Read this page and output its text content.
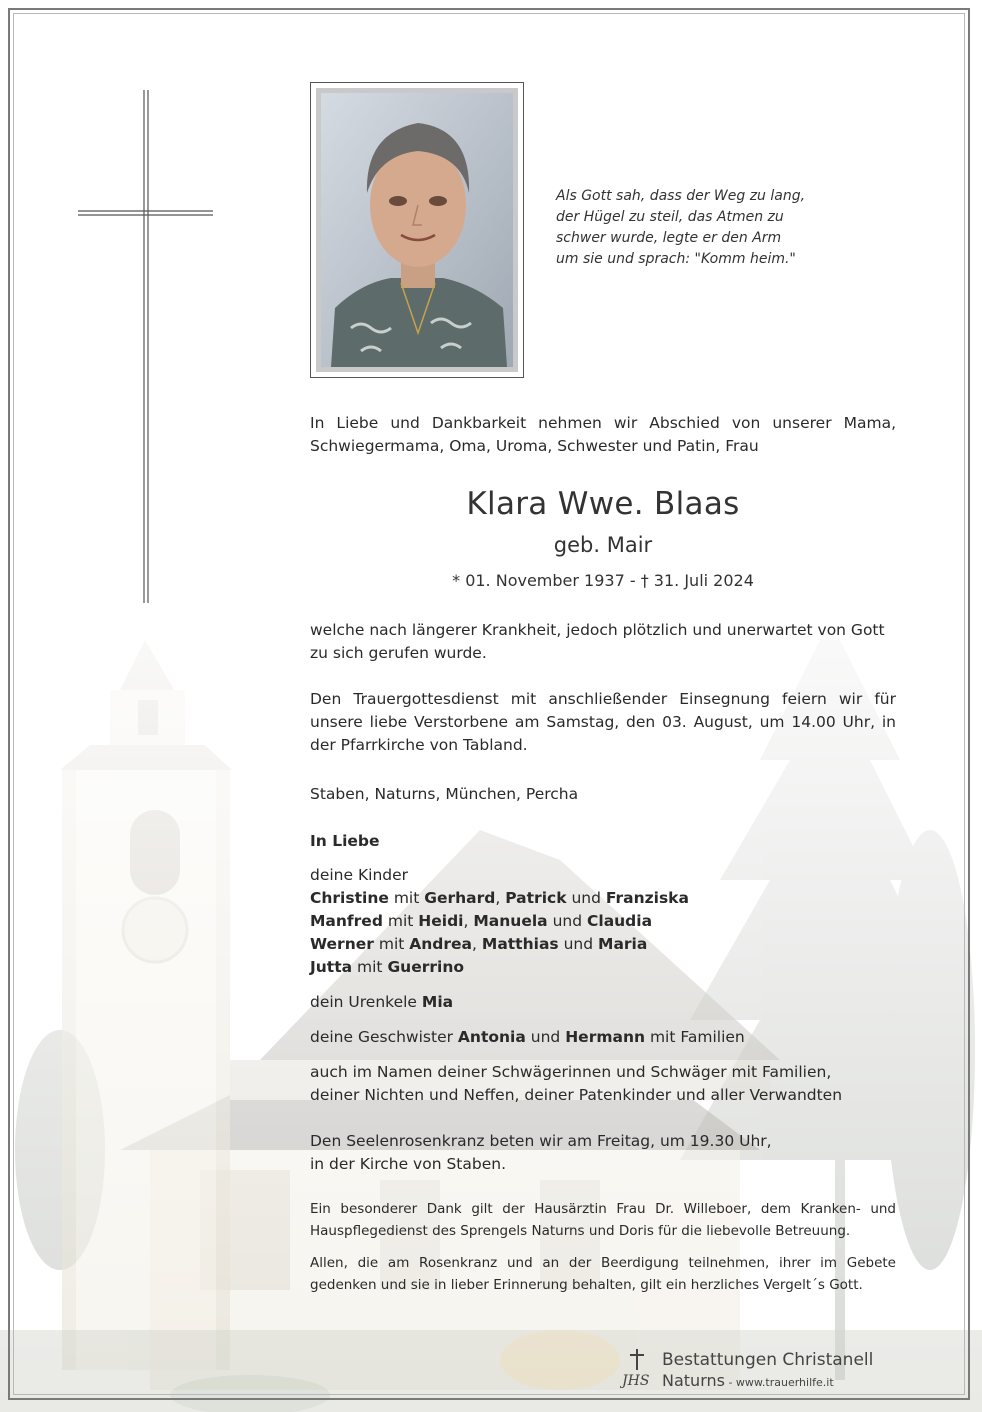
Als Gott sah, dass der Weg zu lang,
der Hügel zu steil, das Atmen zu
schwer wurde, legte er den Arm
um sie und sprach: "Komm heim."
In Liebe und Dankbarkeit nehmen wir Abschied von unserer Mama, Schwiegermama, Oma, Uroma, Schwester und Patin, Frau
Klara Wwe. Blaas
geb. Mair
* 01. November 1937 - † 31. Juli 2024
welche nach längerer Krankheit, jedoch plötzlich und unerwartet von Gott zu sich gerufen wurde.
Den Trauergottesdienst mit anschließender Einsegnung feiern wir für unsere liebe Verstorbene am Samstag, den 03. August, um 14.00 Uhr, in der Pfarrkirche von Tabland.
Staben, Naturns, München, Percha
In Liebe
deine Kinder
Christine mit Gerhard, Patrick und Franziska
Manfred mit Heidi, Manuela und Claudia
Werner mit Andrea, Matthias und Maria
Jutta mit Guerrino
dein Urenkele Mia
deine Geschwister Antonia und Hermann mit Familien
auch im Namen deiner Schwägerinnen und Schwäger mit Familien,
deiner Nichten und Neffen, deiner Patenkinder und aller Verwandten
Den Seelenrosenkranz beten wir am Freitag, um 19.30 Uhr,
in der Kirche von Staben.
Ein besonderer Dank gilt der Hausärztin Frau Dr. Willeboer, dem Kranken- und Hauspflegedienst des Sprengels Naturns und Doris für die liebevolle Betreuung.
Allen, die am Rosenkranz und an der Beerdigung teilnehmen, ihrer im Gebete gedenken und sie in lieber Erinnerung behalten, gilt ein herzliches Vergelt´s Gott.
JHS
Bestattungen Christanell
Naturns - www.trauerhilfe.it
